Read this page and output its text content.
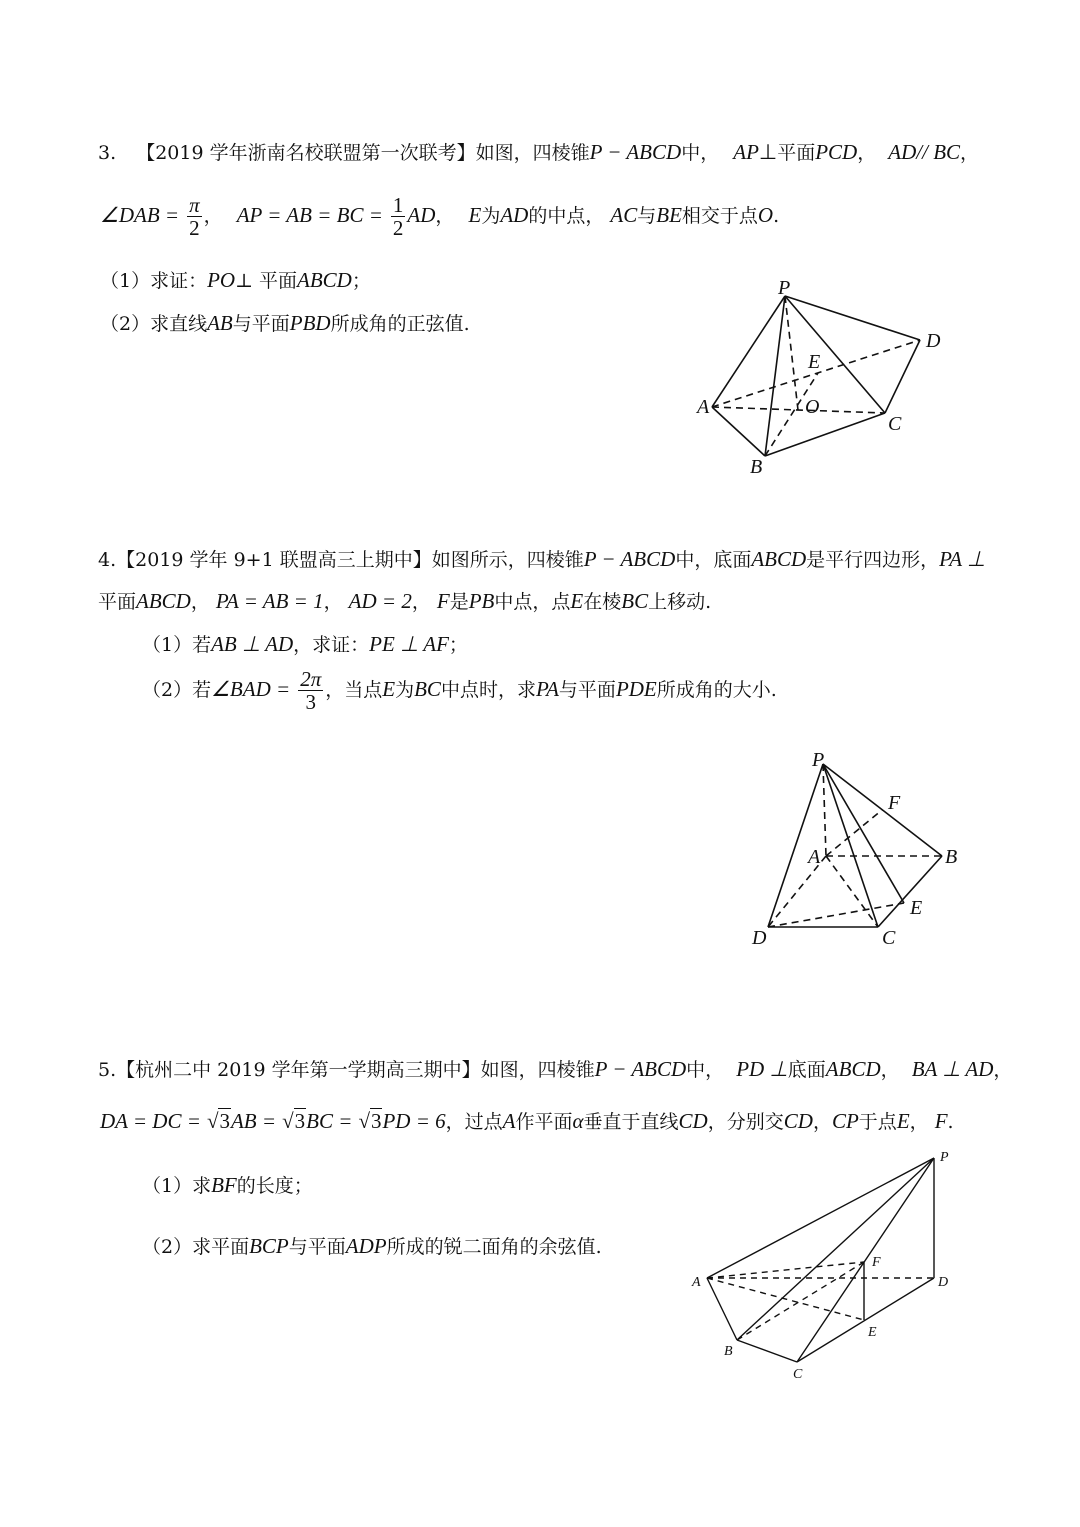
3. 【2019 学年浙南名校联盟第一次联考】如图，四棱锥P − ABCD中， AP⊥平面PCD， AD// BC，
∠DAB = $\frac{\pi}{2}$ ， AP = AB = BC = $\frac{1}{2}$ AD， E为AD的中点， AC与BE相交于点O.
（1）求证：PO⊥ 平面ABCD；
（2）求直线AB与平面PBD所成角的正弦值.
P
D
E
A	O
C
B
4.【2019 学年 9+1 联盟高三上期中】如图所示，四棱锥P − ABCD中，底面ABCD是平行四边形，PA ⊥
平面ABCD， PA = AB = 1， AD = 2， F是PB中点，点E在棱BC上移动.
（1）若AB ⊥ AD，求证：PE ⊥ AF；
（2）若∠BAD = $\frac{2\pi}{3}$ ，当点E为BC中点时，求PA与平面PDE所成角的大小.
P
F
A	B
E
D	C
5.【杭州二中 2019 学年第一学期高三期中】如图，四棱锥P − ABCD中， PD ⊥底面ABCD， BA ⊥ AD，
DA = DC = √3AB = √3BC = √3PD = 6，过点A作平面α垂直于直线CD，分别交CD，CP于点E， F.
（1）求BF的长度；
（2）求平面BCP与平面ADP所成的锐二面角的余弦值.
P
F
A	D
E
B
C
